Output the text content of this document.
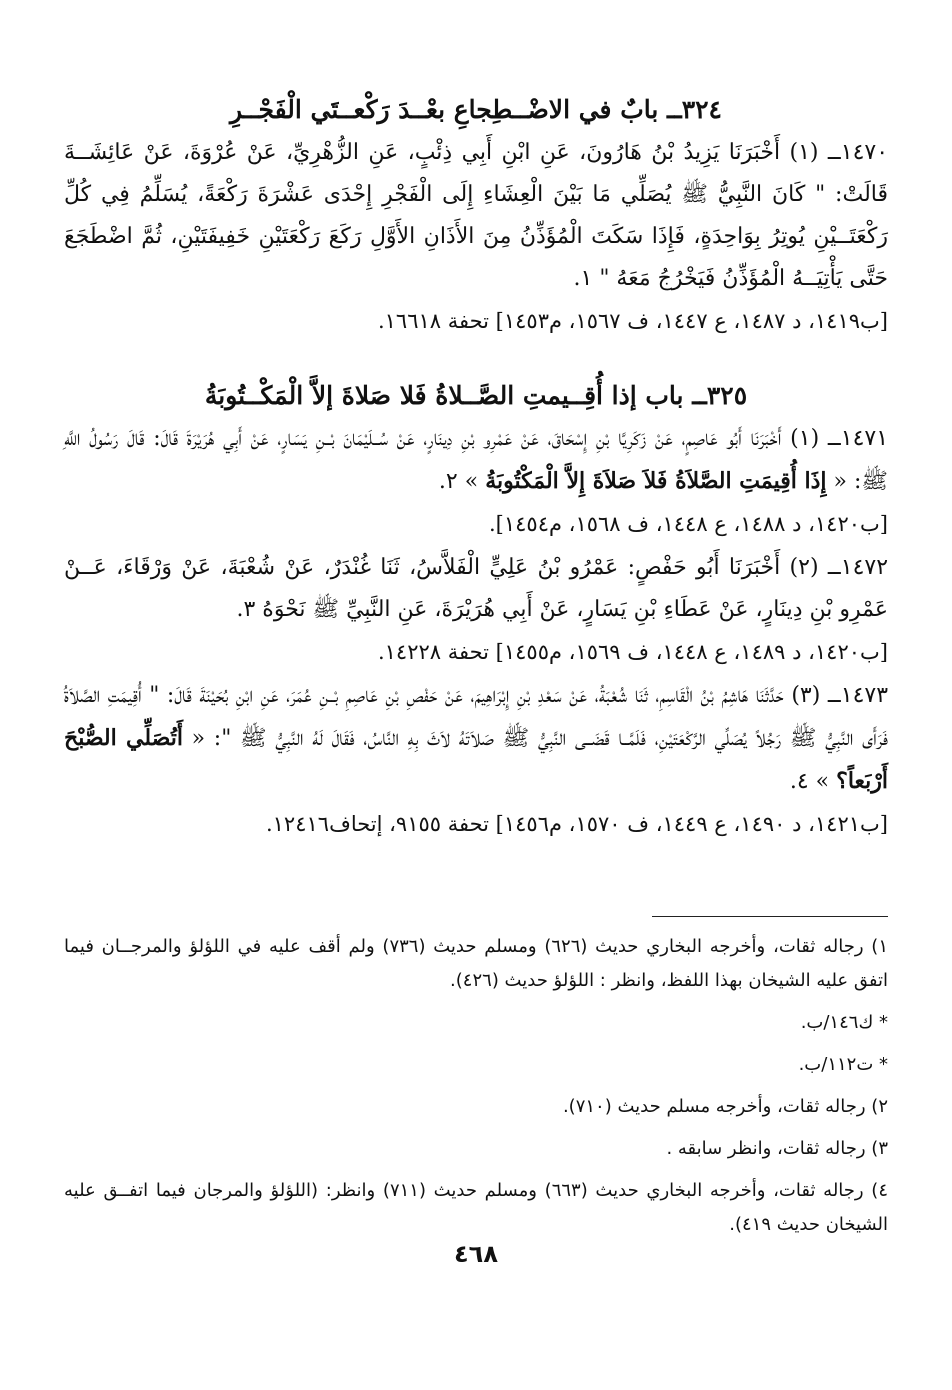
٣٢٤ــ بابٌ في الاضْــطِجاعِ بعْــدَ رَكْعــتَي الْفَجْــرِ

١٤٧٠ــ (١) أَخْبَرَنَا يَزِيدُ بْنُ هَارُونَ، عَنِ ابْنِ أَبِي ذِئْبٍ، عَنِ الزُّهْرِيِّ، عَنْ عُرْوَةَ، عَنْ عَائِشَــةَ قَالَتْ: " كَانَ النَّبِيُّ ﷺ يُصَلِّي مَا بَيْنَ الْعِشَاءِ إِلَى الْفَجْرِ إِحْدَى عَشْرَةَ رَكْعَةً، يُسَلِّمُ فِي كُلِّ رَكْعَتَــيْنِ يُوتِرُ بِوَاحِدَةٍ، فَإِذَا سَكَتَ الْمُؤَذِّنُ مِنَ الأَذَانِ الأَوَّلِ رَكَعَ رَكْعَتَيْنِ خَفِيفَتَيْنِ، ثُمَّ اضْطَجَعَ حَتَّى يَأْتِيَــهُ الْمُؤَذِّنُ فَيَخْرُجُ مَعَهُ " ١.

[ب١٤١٩، د ١٤٨٧، ع ١٤٤٧، ف ١٥٦٧، م١٤٥٣] تحفة ١٦٦١٨.

٣٢٥ــ باب إذا أُقِــيمتِ الصَّــلاةُ فَلا صَلاةَ إلاَّ الْمَكْــتُوبَةُ

١٤٧١ــ (١) أَخْبَرَنَا أَبُو عَاصِمٍ، عَنْ زَكَرِيَّا بْنِ إِسْحَاقَ، عَنْ عَمْرِو بْنِ دِينَارٍ، عَنْ سُــلَيْمَانَ بْــنِ يَسَارٍ، عَنْ أَبِي هُرَيْرَةَ قَالَ: قَالَ رَسُولُ اللَّهِ ﷺ: « إِذَا أُقِيمَتِ الصَّلاَةُ فَلاَ صَلاَةَ إِلاَّ الْمَكْتُوبَةُ » ٢.

[ب١٤٢٠، د ١٤٨٨، ع ١٤٤٨، ف ١٥٦٨، م١٤٥٤].

١٤٧٢ــ (٢) أَخْبَرَنَا أَبُو حَفْصٍ: عَمْرُو بْنُ عَلِيٍّ الْفَلاَّسُ، ثَنَا غُنْدَرٌ، عَنْ شُعْبَةَ، عَنْ وَرْقَاءَ، عَــنْ عَمْرِو بْنِ دِينَارٍ، عَنْ عَطَاءِ بْنِ يَسَارٍ، عَنْ أَبِي هُرَيْرَةَ، عَنِ النَّبِيِّ ﷺ نَحْوَهُ ٣.

[ب١٤٢٠، د ١٤٨٩، ع ١٤٤٨، ف ١٥٦٩، م١٤٥٥] تحفة ١٤٢٢٨.

١٤٧٣ــ (٣) حَدَّثَنَا هَاشِمُ بْنُ الْقَاسِمِ، ثَنَا شُعْبَةُ، عَنْ سَعْدِ بْنِ إِبْرَاهِيمَ، عَنْ حَفْصِ بْنِ عَاصِمِ بْــنِ عُمَرَ، عَنِ ابْنِ بُحَيْنَةَ قَالَ: " أُقِيمَتِ الصَّلاَةُ فَرَأَى النَّبِيُّ ﷺ رَجُلاً يُصَلِّي الرَّكْعَتَيْنِ، فَلَمَّــا قَضَــى النَّبِيُّ ﷺ صَلاَتَهُ لاَثَ بِهِ النَّاسُ، فَقَالَ لَهُ النَّبِيُّ ﷺ ": « أَتُصَلِّي الصُّبْحَ أَرْبَعاً؟ » ٤.

[ب١٤٢١، د ١٤٩٠، ع ١٤٤٩، ف ١٥٧٠، م١٤٥٦] تحفة ٩١٥٥، إتحاف١٢٤١٦.

١) رجاله ثقات، وأخرجه البخاري حديث (٦٢٦) ومسلم حديث (٧٣٦) ولم أقف عليه في اللؤلؤ والمرجــان فيما اتفق عليه الشيخان بهذا اللفظ، وانظر : اللؤلؤ حديث (٤٢٦).

* ك١٤٦/ب.

* ت١١٢/ب.

٢) رجاله ثقات، وأخرجه مسلم حديث (٧١٠).

٣) رجاله ثقات، وانظر سابقه .

٤) رجاله ثقات، وأخرجه البخاري حديث (٦٦٣) ومسلم حديث (٧١١) وانظر: (اللؤلؤ والمرجان فيما اتفــق عليه الشيخان حديث ٤١٩).

٤٦٨
